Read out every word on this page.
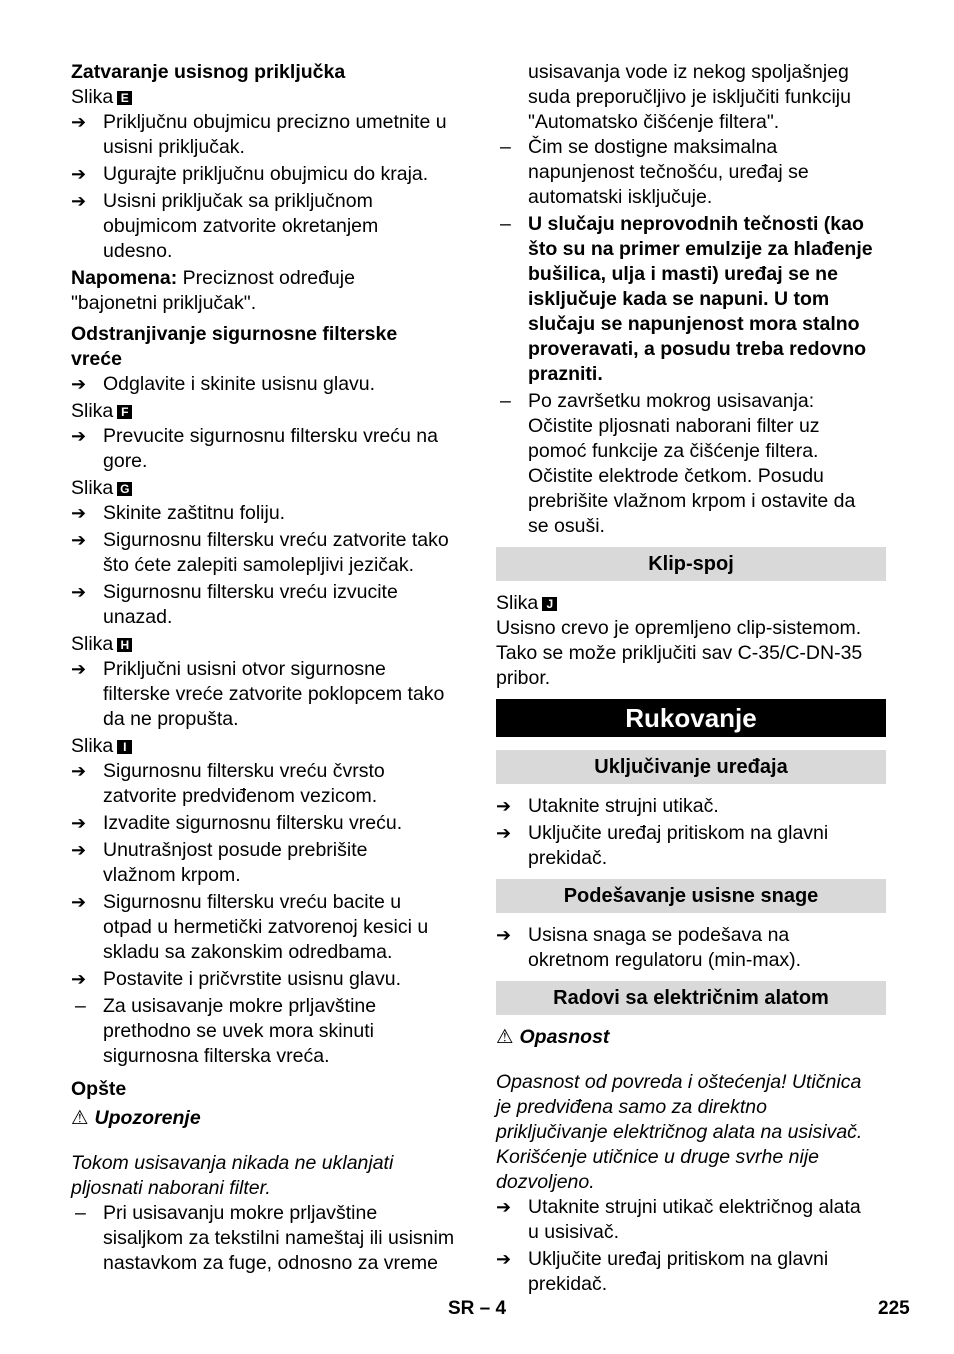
Zatvaranje usisnog priključka

Slika E

➔ Priključnu obujmicu precizno umetnite u
usisni priključak.
➔ Ugurajte priključnu obujmicu do kraja.
➔ Usisni priključak sa priključnom
obujmicom zatvorite okretanjem
udesno.

Napomena: Preciznost određuje

"bajonetni priključak".

Odstranjivanje sigurnosne filterske

vreće

➔ Odglavite i skinite usisnu glavu.

Slika F

➔ Prevucite sigurnosnu filtersku vreću na
gore.

Slika G

➔ Skinite zaštitnu foliju.
➔ Sigurnosnu filtersku vreću zatvorite tako
što ćete zalepiti samolepljivi jezičak.
➔ Sigurnosnu filtersku vreću izvucite
unazad.

Slika H

➔ Priključni usisni otvor sigurnosne
filterske vreće zatvorite poklopcem tako
da ne propušta.

Slika I

➔ Sigurnosnu filtersku vreću čvrsto
zatvorite predviđenom vezicom.
➔ Izvadite sigurnosnu filtersku vreću.
➔ Unutrašnjost posude prebrišite
vlažnom krpom.
➔ Sigurnosnu filtersku vreću bacite u
otpad u hermetički zatvorenoj kesici u
skladu sa zakonskim odredbama.
➔ Postavite i pričvrstite usisnu glavu.
– Za usisavanje mokre prljavštine
prethodno se uvek mora skinuti
sigurnosna filterska vreća.

Opšte

⚠ Upozorenje

Tokom usisavanja nikada ne uklanjati

pljosnati naborani filter.

– Pri usisavanju mokre prljavštine
sisaljkom za tekstilni nameštaj ili usisnim
nastavkom za fuge, odnosno za vreme

usisavanja vode iz nekog spoljašnjeg

suda preporučljivo je isključiti funkciju

"Automatsko čišćenje filtera".

– Čim se dostigne maksimalna
napunjenost tečnošću, uređaj se
automatski isključuje.
– U slučaju neprovodnih tečnosti (kao
što su na primer emulzije za hlađenje
bušilica, ulja i masti) uređaj se ne
isključuje kada se napuni. U tom
slučaju se napunjenost mora stalno
proveravati, a posudu treba redovno
prazniti.
– Po završetku mokrog usisavanja:
Očistite pljosnati naborani filter uz
pomoć funkcije za čišćenje filtera.
Očistite elektrode četkom. Posudu
prebrišite vlažnom krpom i ostavite da
se osuši.
Klip-spoj

Slika J

Usisno crevo je opremljeno clip-sistemom.

Tako se može priključiti sav C-35/C-DN-35

pribor.

Rukovanje
Uključivanje uređaja
➔ Utaknite strujni utikač.
➔ Uključite uređaj pritiskom na glavni
prekidač.
Podešavanje usisne snage
➔ Usisna snaga se podešava na
okretnom regulatoru (min-max).
Radovi sa električnim alatom

⚠ Opasnost

Opasnost od povreda i oštećenja! Utičnica

je predviđena samo za direktno

priključivanje električnog alata na usisivač.

Korišćenje utičnice u druge svrhe nije

dozvoljeno.

➔ Utaknite strujni utikač električnog alata
u usisivač.
➔ Uključite uređaj pritiskom na glavni
prekidač.
SR – 4	225
